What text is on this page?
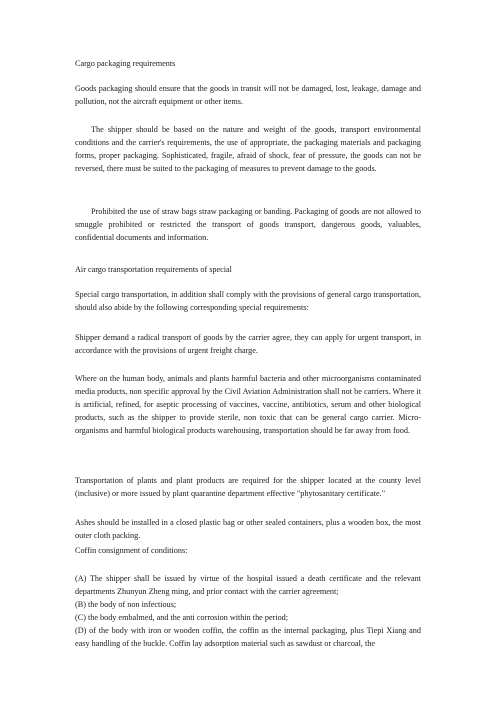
Cargo packaging requirements

Goods packaging should ensure that the goods in transit will not be damaged, lost, leakage, damage and pollution, not the aircraft equipment or other items.

The shipper should be based on the nature and weight of the goods, transport environmental conditions and the carrier's requirements, the use of appropriate, the packaging materials and packaging forms, proper packaging. Sophisticated, fragile, afraid of shock, fear of pressure, the goods can not be reversed, there must be suited to the packaging of measures to prevent damage to the goods.

Prohibited the use of straw bags straw packaging or banding. Packaging of goods are not allowed to smuggle prohibited or restricted the transport of goods transport, dangerous goods, valuables, confidential documents and information.

Air cargo transportation requirements of special

Special cargo transportation, in addition shall comply with the provisions of general cargo transportation, should also abide by the following corresponding special requirements:

Shipper demand a radical transport of goods by the carrier agree, they can apply for urgent transport, in accordance with the provisions of urgent freight charge.

Where on the human body, animals and plants harmful bacteria and other microorganisms contaminated media products, non specific approval by the Civil Aviation Administration shall not be carriers. Where it is artificial, refined, for aseptic processing of vaccines, vaccine, antibiotics, serum and other biological products, such as the shipper to provide sterile, non toxic that can be general cargo carrier. Micro-organisms and harmful biological products warehousing, transportation should be far away from food.

Transportation of plants and plant products are required for the shipper located at the county level (inclusive) or more issued by plant quarantine department effective "phytosanitary certificate."

Ashes should be installed in a closed plastic bag or other sealed containers, plus a wooden box, the most outer cloth packing.

Coffin consignment of conditions:

(A) The shipper shall be issued by virtue of the hospital issued a death certificate and the relevant departments Zhunyun Zheng ming, and prior contact with the carrier agreement;

(B) the body of non infectious;

(C) the body embalmed, and the anti corrosion within the period;

(D) of the body with iron or wooden coffin, the coffin as the internal packaging, plus Tiepi Xiang and easy handling of the buckle. Coffin lay adsorption material such as sawdust or charcoal, the
